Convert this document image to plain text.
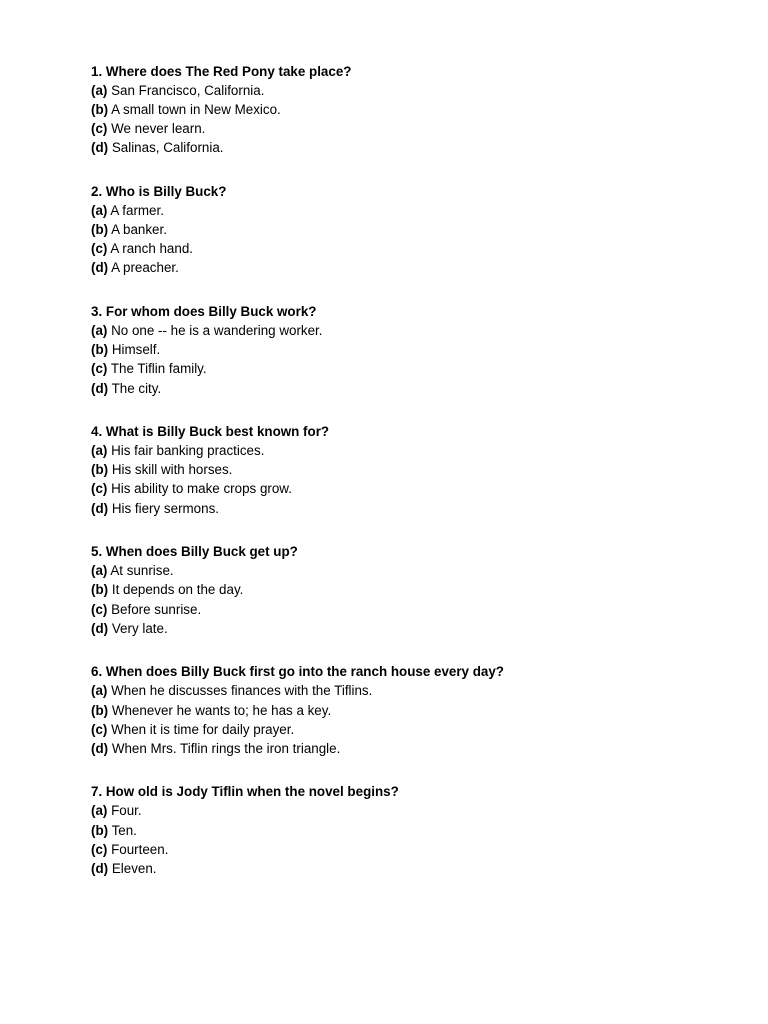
1. Where does The Red Pony take place?
(a) San Francisco, California.
(b) A small town in New Mexico.
(c) We never learn.
(d) Salinas, California.
2. Who is Billy Buck?
(a) A farmer.
(b) A banker.
(c) A ranch hand.
(d) A preacher.
3. For whom does Billy Buck work?
(a) No one -- he is a wandering worker.
(b) Himself.
(c) The Tiflin family.
(d) The city.
4. What is Billy Buck best known for?
(a) His fair banking practices.
(b) His skill with horses.
(c) His ability to make crops grow.
(d) His fiery sermons.
5. When does Billy Buck get up?
(a) At sunrise.
(b) It depends on the day.
(c) Before sunrise.
(d) Very late.
6. When does Billy Buck first go into the ranch house every day?
(a) When he discusses finances with the Tiflins.
(b) Whenever he wants to; he has a key.
(c) When it is time for daily prayer.
(d) When Mrs. Tiflin rings the iron triangle.
7. How old is Jody Tiflin when the novel begins?
(a) Four.
(b) Ten.
(c) Fourteen.
(d) Eleven.
